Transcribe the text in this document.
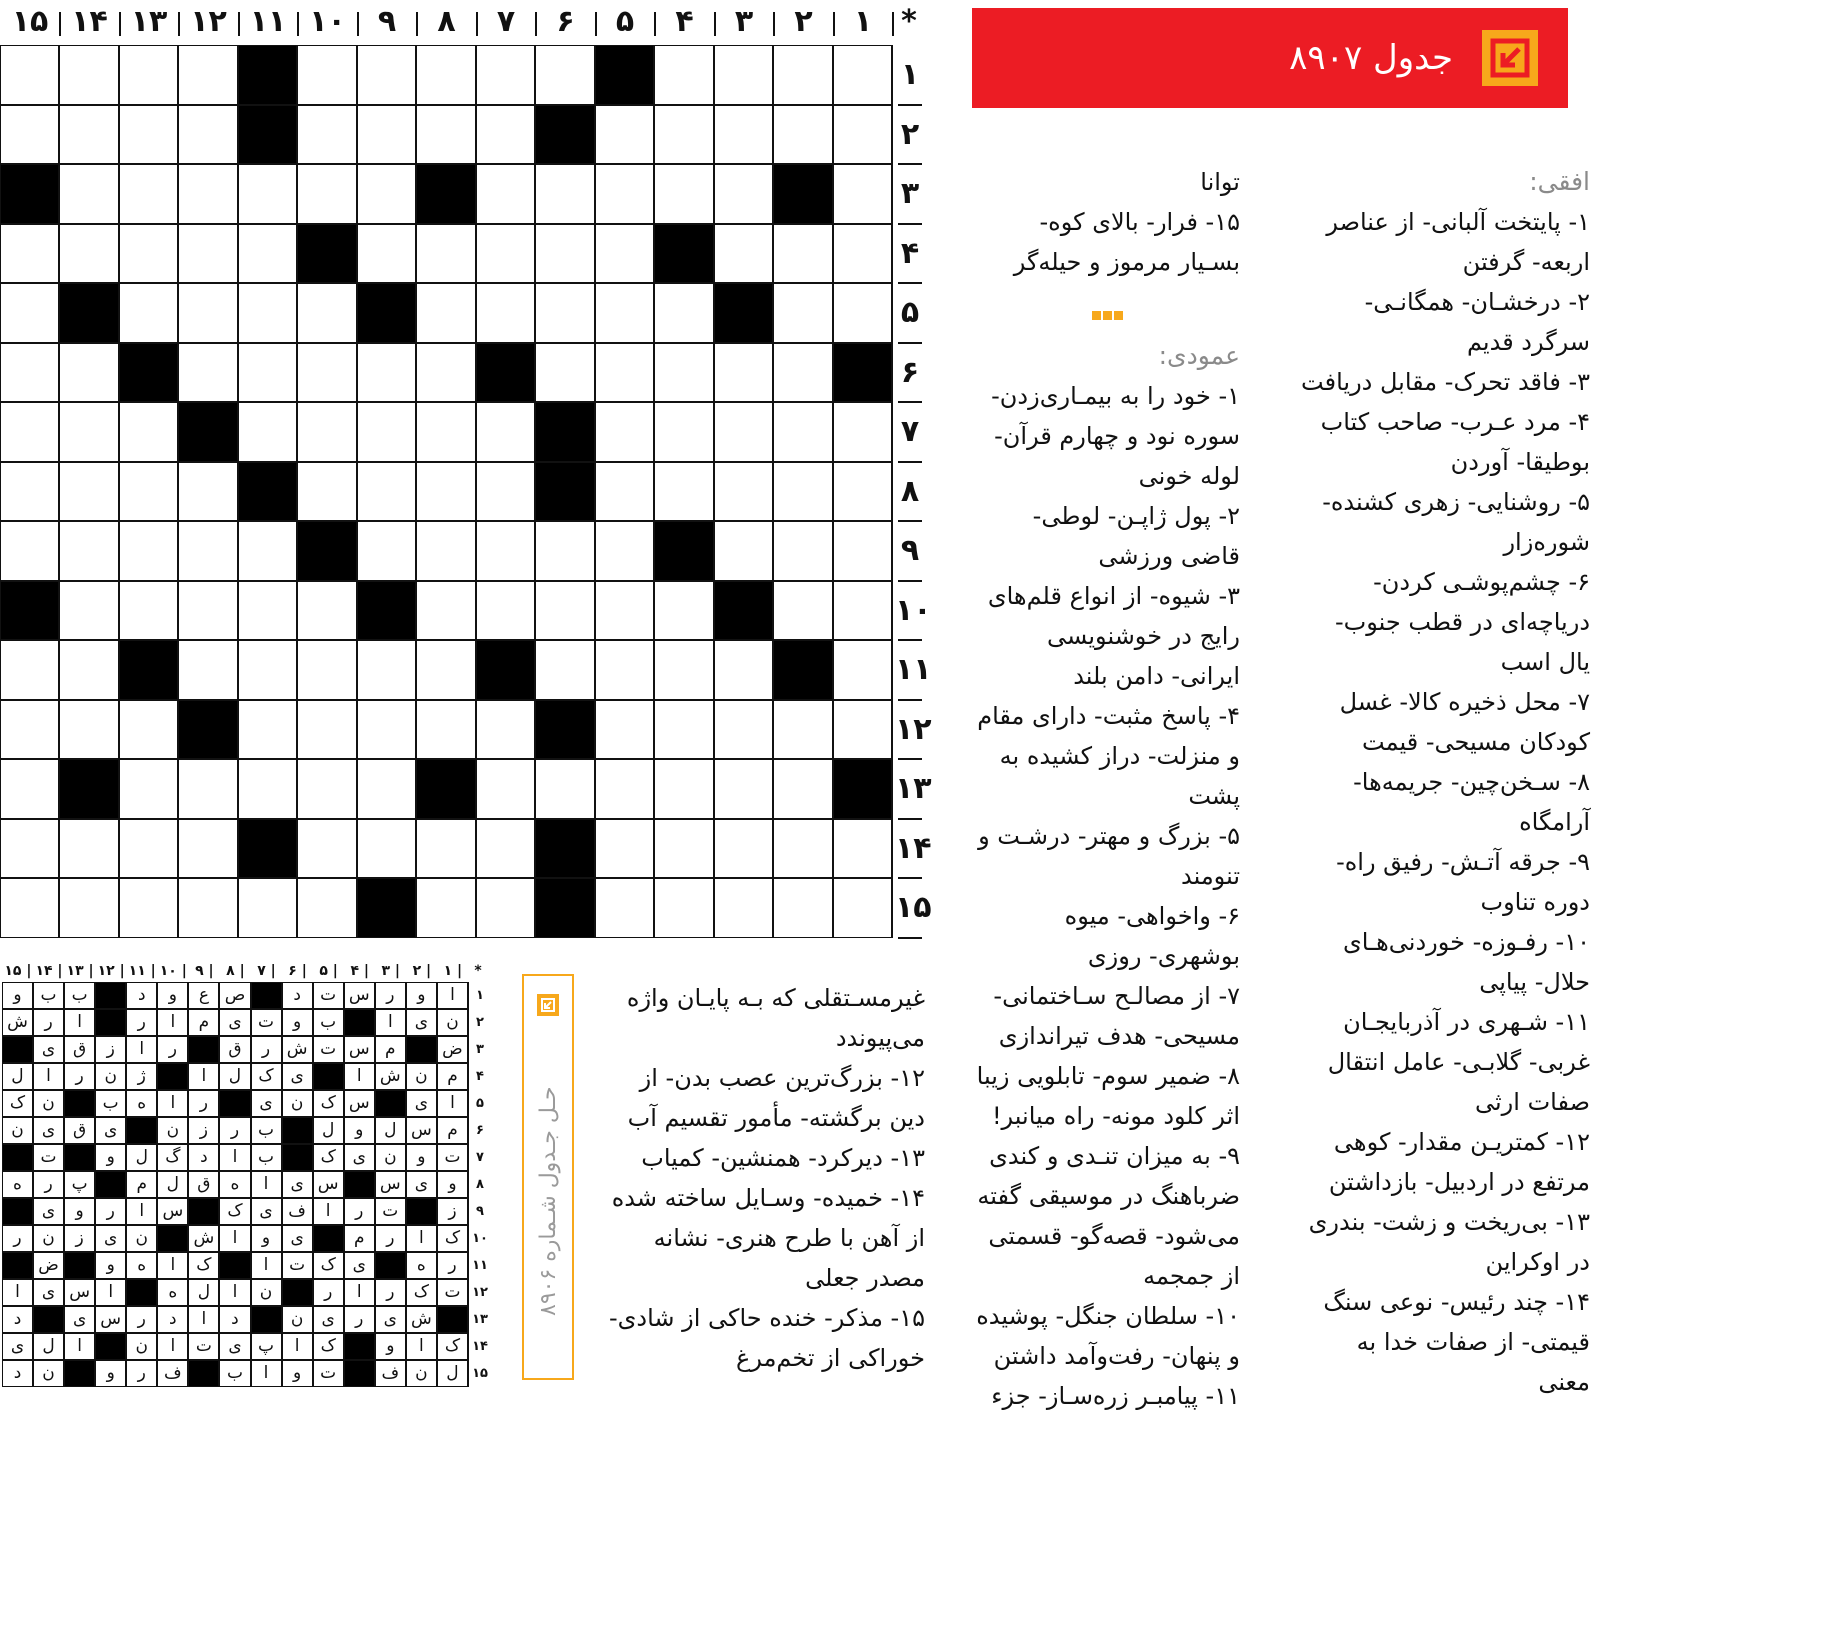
*
۱
۲
۳
۴
۵
۶
۷
۸
۹
۱۰
۱۱
۱۲
۱۳
۱۴
۱۵
۱
۲
۳
۴
۵
۶
۷
۸
۹
۱۰
۱۱
۱۲
۱۳
۱۴
۱۵
جدول ۸۹۰۷

افقی:

۱- پایتخت آلبانی- از عناصر اربعه- گرفتن

۲- درخشـان- همگانـی- سرگرد قدیم

۳- فاقد تحرک- مقابل دریافت

۴- مرد عـرب- صاحب کتاب بوطیقا- آوردن

۵- روشنایی- زهری کشنده- شوره‌زار

۶- چشم‌پوشـی کردن- دریاچه‌ای در قطب جنوب- یال اسب

۷- محل ذخیره کالا- غسل کودکان مسیحی- قیمت

۸- سـخن‌چین- جریمه‌ها- آرامگاه

۹- جرقه آتـش- رفیق راه- دوره تناوب

۱۰- رفـوزه- خوردنی‌هـای حلال- پیاپی

۱۱- شـهری در آذربایجـان غربی- گلابـی- عامل انتقال صفات ارثی

۱۲- کمتریـن مقدار- کوهی مرتفع در اردبیل- بازداشتن

۱۳- بی‌ریخت و زشت- بندری در اوکراین

۱۴- چند رئیس- نوعی سنگ قیمتی- از صفات خدا به معنی

توانا

۱۵- فرار- بالای کوه- بسـیار مرموز و حیله‌گر

عمودی:

۱- خود را به بیمـاری‌زدن- سوره نود و چهارم قرآن- لوله خونی

۲- پول ژاپـن- لوطی- قاضی ورزشی

۳- شیوه- از انواع قلم‌های رایج در خوشنویسی ایرانی- دامن بلند

۴- پاسخ مثبت- دارای مقام و منزلت- دراز کشیده به پشت

۵- بزرگ و مهتر- درشـت و تنومند

۶- واخواهی- میوه بوشهری- روزی

۷- از مصالـح سـاختمانی- مسیحی- هدف تیراندازی

۸- ضمیر سوم- تابلویی زیبا اثر کلود مونه- راه میانبر!

۹- به میزان تنـدی و کندی ضرباهنگ در موسیقی گفته می‌شود- قصه‌گو- قسمتی از جمجمه

۱۰- سلطان جنگل- پوشیده و پنهان- رفت‌وآمد داشتن

۱۱- پیامبـر زره‌سـاز- جزء

غیرمسـتقلی که بـه پایـان واژه می‌پیوندد

۱۲- بزرگ‌ترین عصب بدن- از دین برگشته- مأمور تقسیم آب

۱۳- دیرکرد- همنشین- کمیاب

۱۴- خمیده- وسـایل ساخته شده از آهن با طرح هنری- نشانه مصدر جعلی

۱۵- مذکر- خنده حاکی از شادی- خوراکی از تخم‌مرغ

*
۱ |
۲ |
۳ |
۴ |
۵ |
۶ |
۷ |
۸ |
۹ |
۱۰ |
۱۱ |
۱۲ |
۱۳ |
۱۴ |
۱۵ |
۱
۲
۳
۴
۵
۶
۷
۸
۹
۱۰
۱۱
۱۲
۱۳
۱۴
۱۵
ا
و
ر
س
ت
د
ص
ع
و
د
ب
ب
و
ن
ی
ا
ب
و
ت
ی
م
ا
ر
ا
ر
ش
ض
م
س
ت
ش
ر
ق
ر
ا
ز
ق
ی
م
ن
ش
ا
ی
ک
ل
ا
ژ
ن
ر
ا
ل
ا
ی
س
ک
ن
ی
ر
ا
ه
ب
ن
ک
م
س
ل
و
ل
ب
ر
ز
ن
ی
ق
ی
ن
ت
و
ن
ی
ک
ب
ا
د
گ
ل
و
ت
و
ی
س
س
ی
ا
ه
ق
ل
م
پ
ر
ه
ز
ت
ر
ا
ف
ی
ک
س
ا
ر
و
ی
ک
ا
ر
م
ی
و
ا
ش
ن
ی
ز
ن
ر
ر
ه
ی
ک
ت
ا
ک
ا
ه
و
ض
ت
ک
ر
ا
ر
ن
ا
ل
ه
ا
س
ی
ا
ش
ی
ر
ی
ن
د
ا
د
ر
س
ی
د
ک
ا
و
ک
ا
پ
ی
ت
ا
ن
ا
ل
ی
ل
ن
ف
ت
و
ا
ب
ف
ر
و
ن
د
حـل جـدول شـماره ۸۹۰۶
